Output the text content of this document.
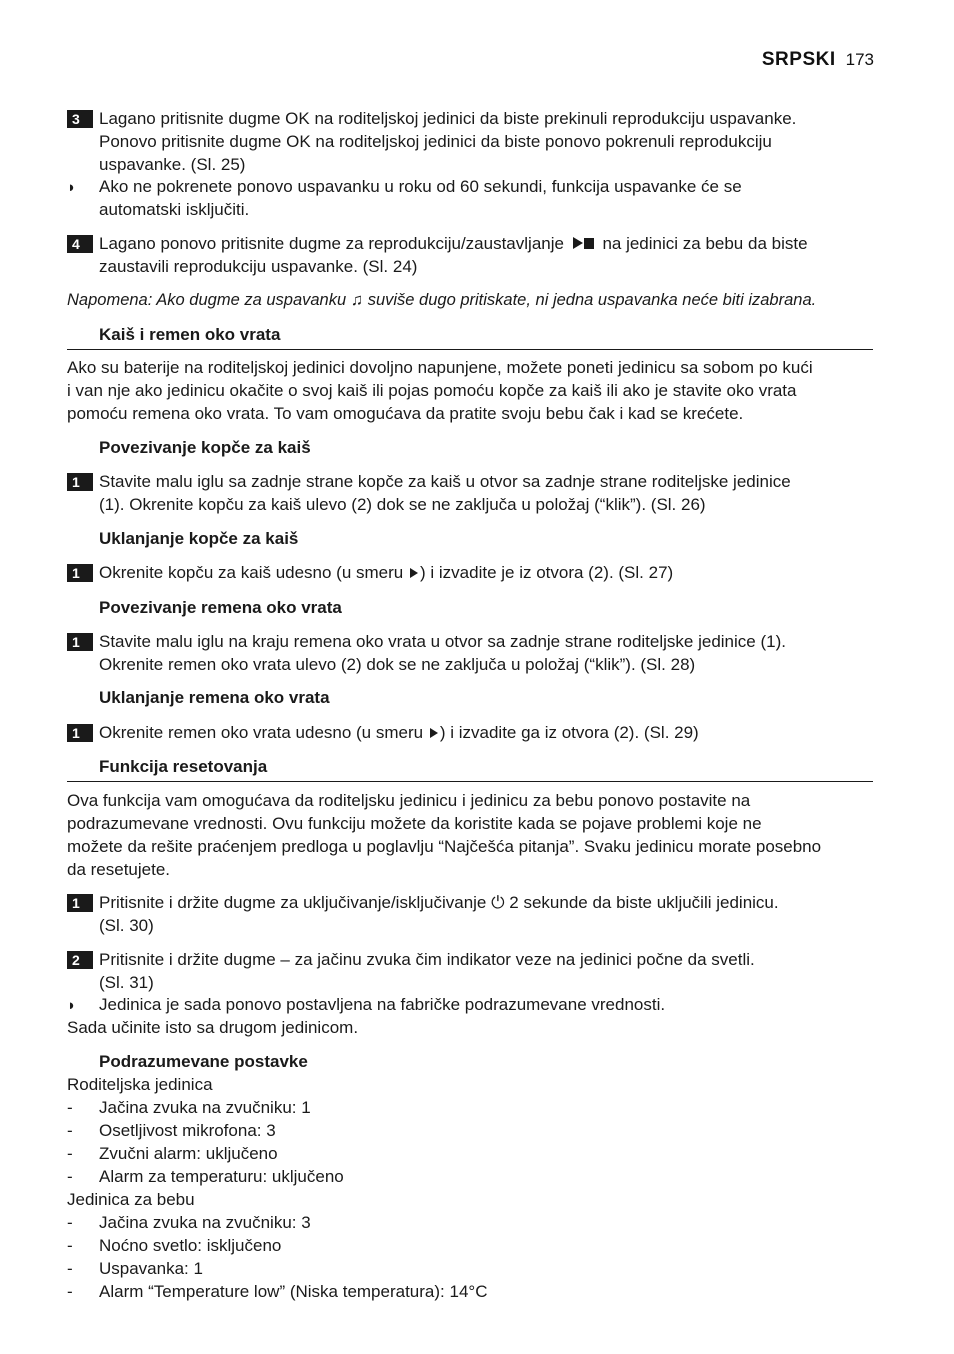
SRPSKI 173
3	Lagano pritisnite dugme OK na roditeljskoj jedinici da biste prekinuli reprodukciju uspavanke.
Ponovo pritisnite dugme OK na roditeljskoj jedinici da biste ponovo pokrenuli reprodukciju
uspavanke. (Sl. 25)
◗ Ako ne pokrenete ponovo uspavanku u roku od 60 sekundi, funkcija uspavanke će se
automatski isključiti.
4	Lagano ponovo pritisnite dugme za reprodukciju/zaustavljanje na jedinici za bebu da biste
zaustavili reprodukciju uspavanke. (Sl. 24)
Napomena: Ako dugme za uspavanku ♫ suviše dugo pritiskate, ni jedna uspavanka neće biti izabrana.
Kaiš i remen oko vrata
Ako su baterije na roditeljskoj jedinici dovoljno napunjene, možete poneti jedinicu sa sobom po kući
i van nje ako jedinicu okačite o svoj kaiš ili pojas pomoću kopče za kaiš ili ako je stavite oko vrata
pomoću remena oko vrata. To vam omogućava da pratite svoju bebu čak i kad se krećete.
Povezivanje kopče za kaiš
1	Stavite malu iglu sa zadnje strane kopče za kaiš u otvor sa zadnje strane roditeljske jedinice
(1). Okrenite kopču za kaiš ulevo (2) dok se ne zaključa u položaj (“klik”). (Sl. 26)
Uklanjanje kopče za kaiš
1	Okrenite kopču za kaiš udesno (u smeru ) i izvadite je iz otvora (2). (Sl. 27)
Povezivanje remena oko vrata
1	Stavite malu iglu na kraju remena oko vrata u otvor sa zadnje strane roditeljske jedinice (1).
Okrenite remen oko vrata ulevo (2) dok se ne zaključa u položaj (“klik”). (Sl. 28)
Uklanjanje remena oko vrata
1	Okrenite remen oko vrata udesno (u smeru ) i izvadite ga iz otvora (2). (Sl. 29)
Funkcija resetovanja
Ova funkcija vam omogućava da roditeljsku jedinicu i jedinicu za bebu ponovo postavite na
podrazumevane vrednosti. Ovu funkciju možete da koristite kada se pojave problemi koje ne
možete da rešite praćenjem predloga u poglavlju “Najčešća pitanja”. Svaku jedinicu morate posebno
da resetujete.
1	Pritisnite i držite dugme za uključivanje/isključivanje ⏻ 2 sekunde da biste uključili jedinicu.
(Sl. 30)
2	Pritisnite i držite dugme – za jačinu zvuka čim indikator veze na jedinici počne da svetli.
(Sl. 31)
◗ Jedinica je sada ponovo postavljena na fabričke podrazumevane vrednosti.
Sada učinite isto sa drugom jedinicom.
Podrazumevane postavke
Roditeljska jedinica
- Jačina zvuka na zvučniku: 1
- Osetljivost mikrofona: 3
- Zvučni alarm: uključeno
- Alarm za temperaturu: uključeno
Jedinica za bebu
- Jačina zvuka na zvučniku: 3
- Noćno svetlo: isključeno
- Uspavanka: 1
- Alarm “Temperature low” (Niska temperatura): 14°C
